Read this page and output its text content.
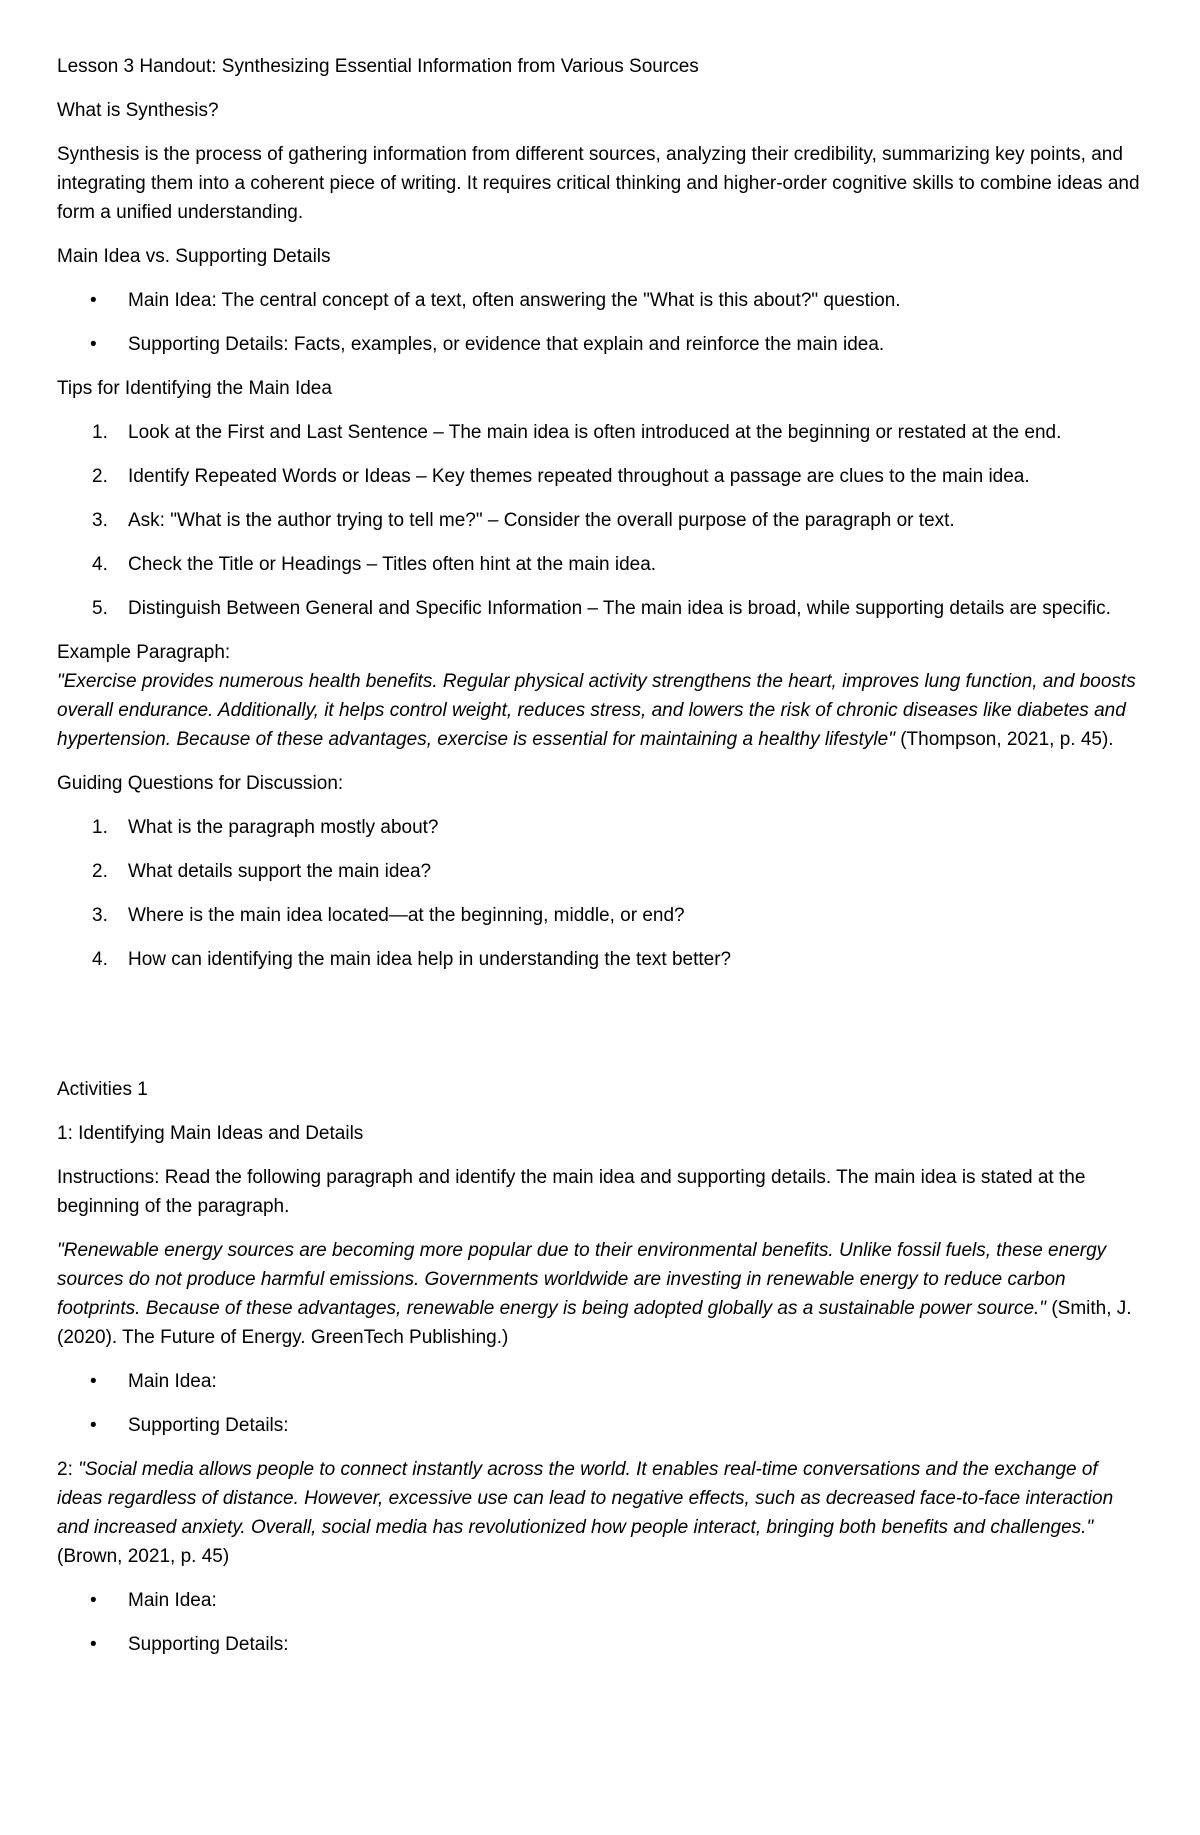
Lesson 3 Handout: Synthesizing Essential Information from Various Sources

What is Synthesis?

Synthesis is the process of gathering information from different sources, analyzing their credibility, summarizing key points, and integrating them into a coherent piece of writing. It requires critical thinking and higher-order cognitive skills to combine ideas and form a unified understanding.

Main Idea vs. Supporting Details

• Main Idea: The central concept of a text, often answering the "What is this about?" question.
• Supporting Details: Facts, examples, or evidence that explain and reinforce the main idea.

Tips for Identifying the Main Idea

1.	Look at the First and Last Sentence – The main idea is often introduced at the beginning or restated at the end.
2.	Identify Repeated Words or Ideas – Key themes repeated throughout a passage are clues to the main idea.
3.	Ask: "What is the author trying to tell me?" – Consider the overall purpose of the paragraph or text.
4.	Check the Title or Headings – Titles often hint at the main idea.
5.	Distinguish Between General and Specific Information – The main idea is broad, while supporting details are specific.

Example Paragraph:

"Exercise provides numerous health benefits. Regular physical activity strengthens the heart, improves lung function, and boosts overall endurance. Additionally, it helps control weight, reduces stress, and lowers the risk of chronic diseases like diabetes and hypertension. Because of these advantages, exercise is essential for maintaining a healthy lifestyle" (Thompson, 2021, p. 45).

Guiding Questions for Discussion:

1.	What is the paragraph mostly about?
2.	What details support the main idea?
3.	Where is the main idea located—at the beginning, middle, or end?
4.	How can identifying the main idea help in understanding the text better?

Activities 1

1: Identifying Main Ideas and Details

Instructions: Read the following paragraph and identify the main idea and supporting details. The main idea is stated at the beginning of the paragraph.

"Renewable energy sources are becoming more popular due to their environmental benefits. Unlike fossil fuels, these energy sources do not produce harmful emissions. Governments worldwide are investing in renewable energy to reduce carbon footprints. Because of these advantages, renewable energy is being adopted globally as a sustainable power source." (Smith, J. (2020). The Future of Energy. GreenTech Publishing.)

• Main Idea:
• Supporting Details:

2: "Social media allows people to connect instantly across the world. It enables real-time conversations and the exchange of ideas regardless of distance. However, excessive use can lead to negative effects, such as decreased face-to-face interaction and increased anxiety. Overall, social media has revolutionized how people interact, bringing both benefits and challenges." (Brown, 2021, p. 45)

• Main Idea:
• Supporting Details:
